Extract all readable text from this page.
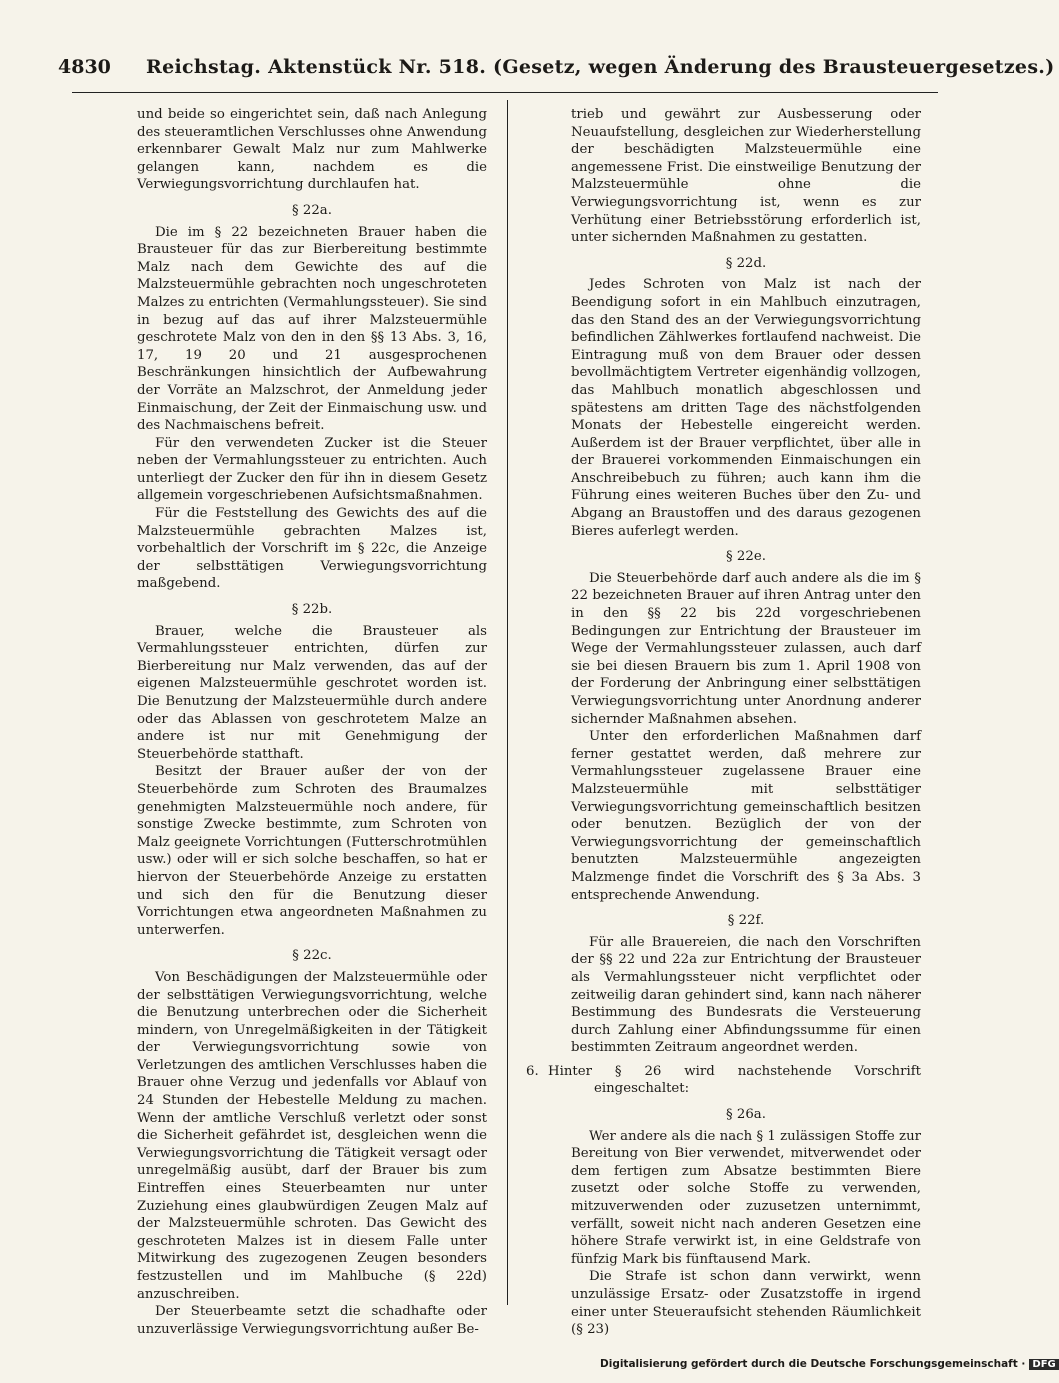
4830 Reichstag. Aktenstück Nr. 518. (Gesetz, wegen Änderung des Brausteuergesetzes.)

und beide so eingerichtet sein, daß nach Anlegung des steueramtlichen Verschlusses ohne Anwendung erkennbarer Gewalt Malz nur zum Mahlwerke gelangen kann, nachdem es die Verwiegungsvorrichtung durchlaufen hat.

§ 22a.

Die im § 22 bezeichneten Brauer haben die Brausteuer für das zur Bierbereitung bestimmte Malz nach dem Gewichte des auf die Malzsteuermühle gebrachten noch ungeschroteten Malzes zu entrichten (Vermahlungssteuer). Sie sind in bezug auf das auf ihrer Malzsteuermühle geschrotete Malz von den in den §§ 13 Abs. 3, 16, 17, 19 20 und 21 ausgesprochenen Beschränkungen hinsichtlich der Aufbewahrung der Vorräte an Malzschrot, der Anmeldung jeder Einmaischung, der Zeit der Einmaischung usw. und des Nachmaischens befreit.

Für den verwendeten Zucker ist die Steuer neben der Vermahlungssteuer zu entrichten. Auch unterliegt der Zucker den für ihn in diesem Gesetz allgemein vorgeschriebenen Aufsichtsmaßnahmen.

Für die Feststellung des Gewichts des auf die Malzsteuermühle gebrachten Malzes ist, vorbehaltlich der Vorschrift im § 22c, die Anzeige der selbsttätigen Verwiegungsvorrichtung maßgebend.

§ 22b.

Brauer, welche die Brausteuer als Vermahlungssteuer entrichten, dürfen zur Bierbereitung nur Malz verwenden, das auf der eigenen Malzsteuermühle geschrotet worden ist. Die Benutzung der Malzsteuermühle durch andere oder das Ablassen von geschrotetem Malze an andere ist nur mit Genehmigung der Steuerbehörde statthaft.

Besitzt der Brauer außer der von der Steuerbehörde zum Schroten des Braumalzes genehmigten Malzsteuermühle noch andere, für sonstige Zwecke bestimmte, zum Schroten von Malz geeignete Vorrichtungen (Futterschrotmühlen usw.) oder will er sich solche beschaffen, so hat er hiervon der Steuerbehörde Anzeige zu erstatten und sich den für die Benutzung dieser Vorrichtungen etwa angeordneten Maßnahmen zu unterwerfen.

§ 22c.

Von Beschädigungen der Malzsteuermühle oder der selbsttätigen Verwiegungsvorrichtung, welche die Benutzung unterbrechen oder die Sicherheit mindern, von Unregelmäßigkeiten in der Tätigkeit der Verwiegungsvorrichtung sowie von Verletzungen des amtlichen Verschlusses haben die Brauer ohne Verzug und jedenfalls vor Ablauf von 24 Stunden der Hebestelle Meldung zu machen. Wenn der amtliche Verschluß verletzt oder sonst die Sicherheit gefährdet ist, desgleichen wenn die Verwiegungsvorrichtung die Tätigkeit versagt oder unregelmäßig ausübt, darf der Brauer bis zum Eintreffen eines Steuerbeamten nur unter Zuziehung eines glaubwürdigen Zeugen Malz auf der Malzsteuermühle schroten. Das Gewicht des geschroteten Malzes ist in diesem Falle unter Mitwirkung des zugezogenen Zeugen besonders festzustellen und im Mahlbuche (§ 22d) anzuschreiben.

Der Steuerbeamte setzt die schadhafte oder unzuverlässige Verwiegungsvorrichtung außer Be-

trieb und gewährt zur Ausbesserung oder Neuaufstellung, desgleichen zur Wiederherstellung der beschädigten Malzsteuermühle eine angemessene Frist. Die einstweilige Benutzung der Malzsteuermühle ohne die Verwiegungsvorrichtung ist, wenn es zur Verhütung einer Betriebsstörung erforderlich ist, unter sichernden Maßnahmen zu gestatten.

§ 22d.

Jedes Schroten von Malz ist nach der Beendigung sofort in ein Mahlbuch einzutragen, das den Stand des an der Verwiegungsvorrichtung befindlichen Zählwerkes fortlaufend nachweist. Die Eintragung muß von dem Brauer oder dessen bevollmächtigtem Vertreter eigenhändig vollzogen, das Mahlbuch monatlich abgeschlossen und spätestens am dritten Tage des nächstfolgenden Monats der Hebestelle eingereicht werden. Außerdem ist der Brauer verpflichtet, über alle in der Brauerei vorkommenden Einmaischungen ein Anschreibebuch zu führen; auch kann ihm die Führung eines weiteren Buches über den Zu- und Abgang an Braustoffen und des daraus gezogenen Bieres auferlegt werden.

§ 22e.

Die Steuerbehörde darf auch andere als die im § 22 bezeichneten Brauer auf ihren Antrag unter den in den §§ 22 bis 22d vorgeschriebenen Bedingungen zur Entrichtung der Brausteuer im Wege der Vermahlungssteuer zulassen, auch darf sie bei diesen Brauern bis zum 1. April 1908 von der Forderung der Anbringung einer selbsttätigen Verwiegungsvorrichtung unter Anordnung anderer sichernder Maßnahmen absehen.

Unter den erforderlichen Maßnahmen darf ferner gestattet werden, daß mehrere zur Vermahlungssteuer zugelassene Brauer eine Malzsteuermühle mit selbsttätiger Verwiegungsvorrichtung gemeinschaftlich besitzen oder benutzen. Bezüglich der von der Verwiegungsvorrichtung der gemeinschaftlich benutzten Malzsteuermühle angezeigten Malzmenge findet die Vorschrift des § 3a Abs. 3 entsprechende Anwendung.

§ 22f.

Für alle Brauereien, die nach den Vorschriften der §§ 22 und 22a zur Entrichtung der Brausteuer als Vermahlungssteuer nicht verpflichtet oder zeitweilig daran gehindert sind, kann nach näherer Bestimmung des Bundesrats die Versteuerung durch Zahlung einer Abfindungssumme für einen bestimmten Zeitraum angeordnet werden.

6. Hinter § 26 wird nachstehende Vorschrift eingeschaltet:
§ 26a.

Wer andere als die nach § 1 zulässigen Stoffe zur Bereitung von Bier verwendet, mitverwendet oder dem fertigen zum Absatze bestimmten Biere zusetzt oder solche Stoffe zu verwenden, mitzuverwenden oder zuzusetzen unternimmt, verfällt, soweit nicht nach anderen Gesetzen eine höhere Strafe verwirkt ist, in eine Geldstrafe von fünfzig Mark bis fünftausend Mark.

Die Strafe ist schon dann verwirkt, wenn unzulässige Ersatz- oder Zusatzstoffe in irgend einer unter Steueraufsicht stehenden Räumlichkeit (§ 23)

Digitalisierung gefördert durch die Deutsche Forschungsgemeinschaft · DFG
